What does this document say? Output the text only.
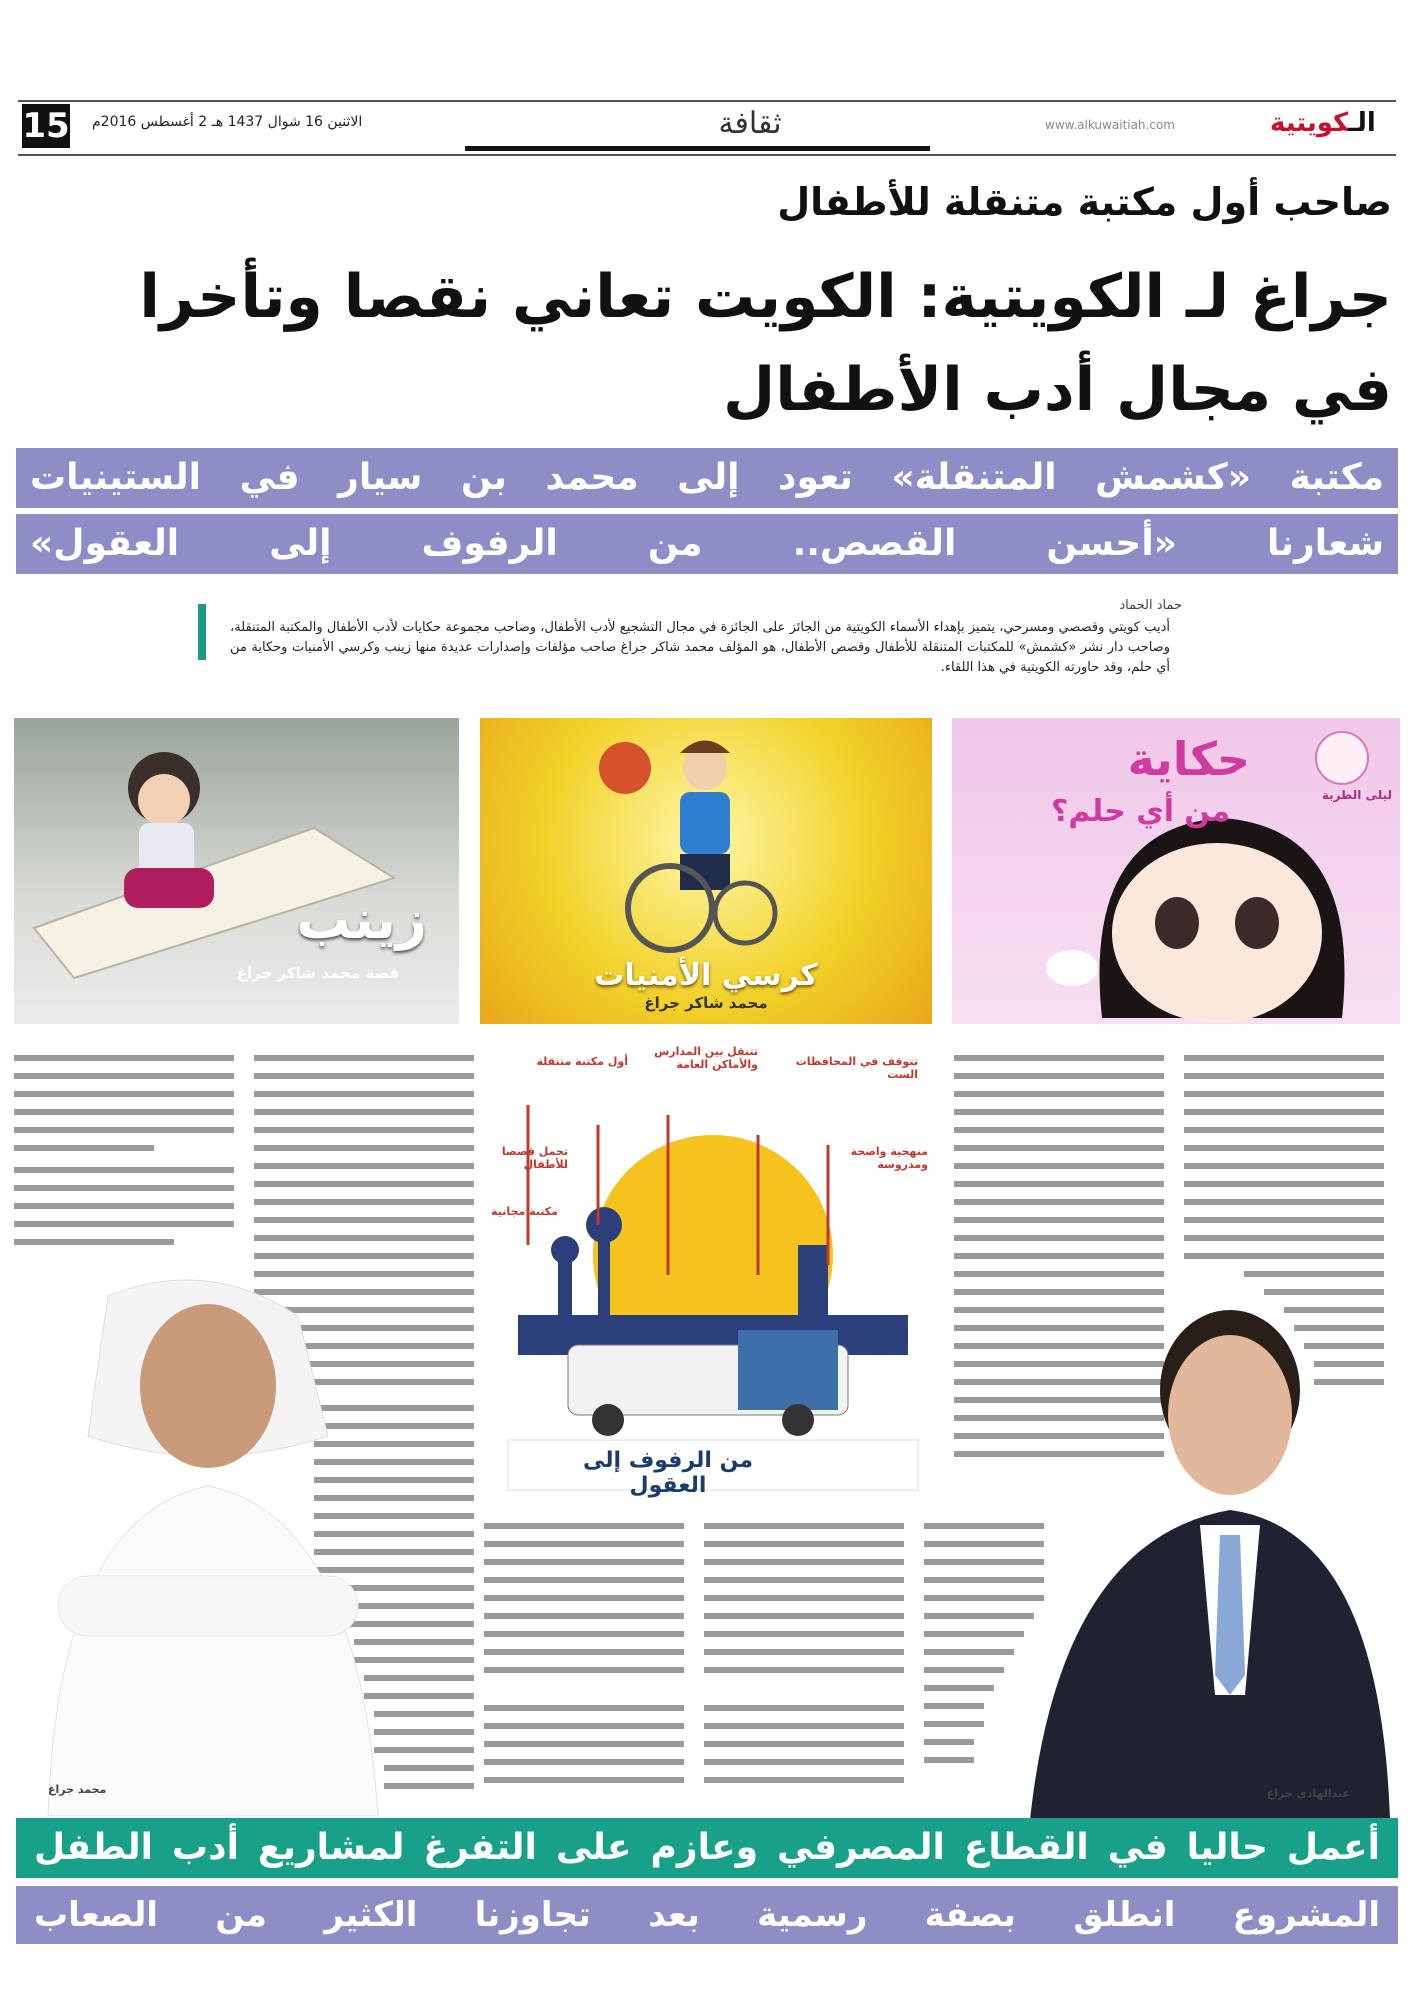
15 الاثنين 16 شوال 1437 هـ 2 أغسطس 2016م	ثقافة	www.alkuwaitiah.com	الـكويتية
صاحب أول مكتبة متنقلة للأطفال
جراغ لـ الكويتية: الكويت تعاني نقصا وتأخرا
في مجال أدب الأطفال
مكتبة «كشمش المتنقلة» تعود إلى محمد بن سيار في الستينيات
شعارنا «أحسن القصص.. من الرفوف إلى العقول»
حماد الحماد
أديب كويتي وقصصي ومسرحي، يتميز بإهداء الأسماء الكويتية من الجائز على الجائزة في مجال التشجيع لأدب الأطفال، وصاحب مجموعة حكايات لأدب الأطفال والمكتبة المتنقلة، وصاحب دار نشر «كشمش» للمكتبات المتنقلة للأطفال وقصص الأطفال، هو المؤلف محمد شاكر جراغ صاحب مؤلفات وإصدارات عديدة منها زينب وكرسي الأمنيات وحكاية من أي حلم، وقد حاورته الكويتية في هذا اللقاء.
زينب
قصة محمد شاكر جراغ	كرسي الأمنيات
محمد شاكر جراغ
حكاية
من أي حلم؟	ليلى الطربة
أول مكتبة متنقلة
تتنقل بين المدارس والأماكن العامة	تتوقف في المحافظات الست
تحمل قصصا للأطفال
منهجية واضحة ومدروسة
مكتبة مجانية
من الرفوف إلى العقول
محمد جراغ	عبدالهادي جراغ
أعمل حاليا في القطاع المصرفي وعازم على التفرغ لمشاريع أدب الطفل
المشروع انطلق بصفة رسمية بعد تجاوزنا الكثير من الصعاب
